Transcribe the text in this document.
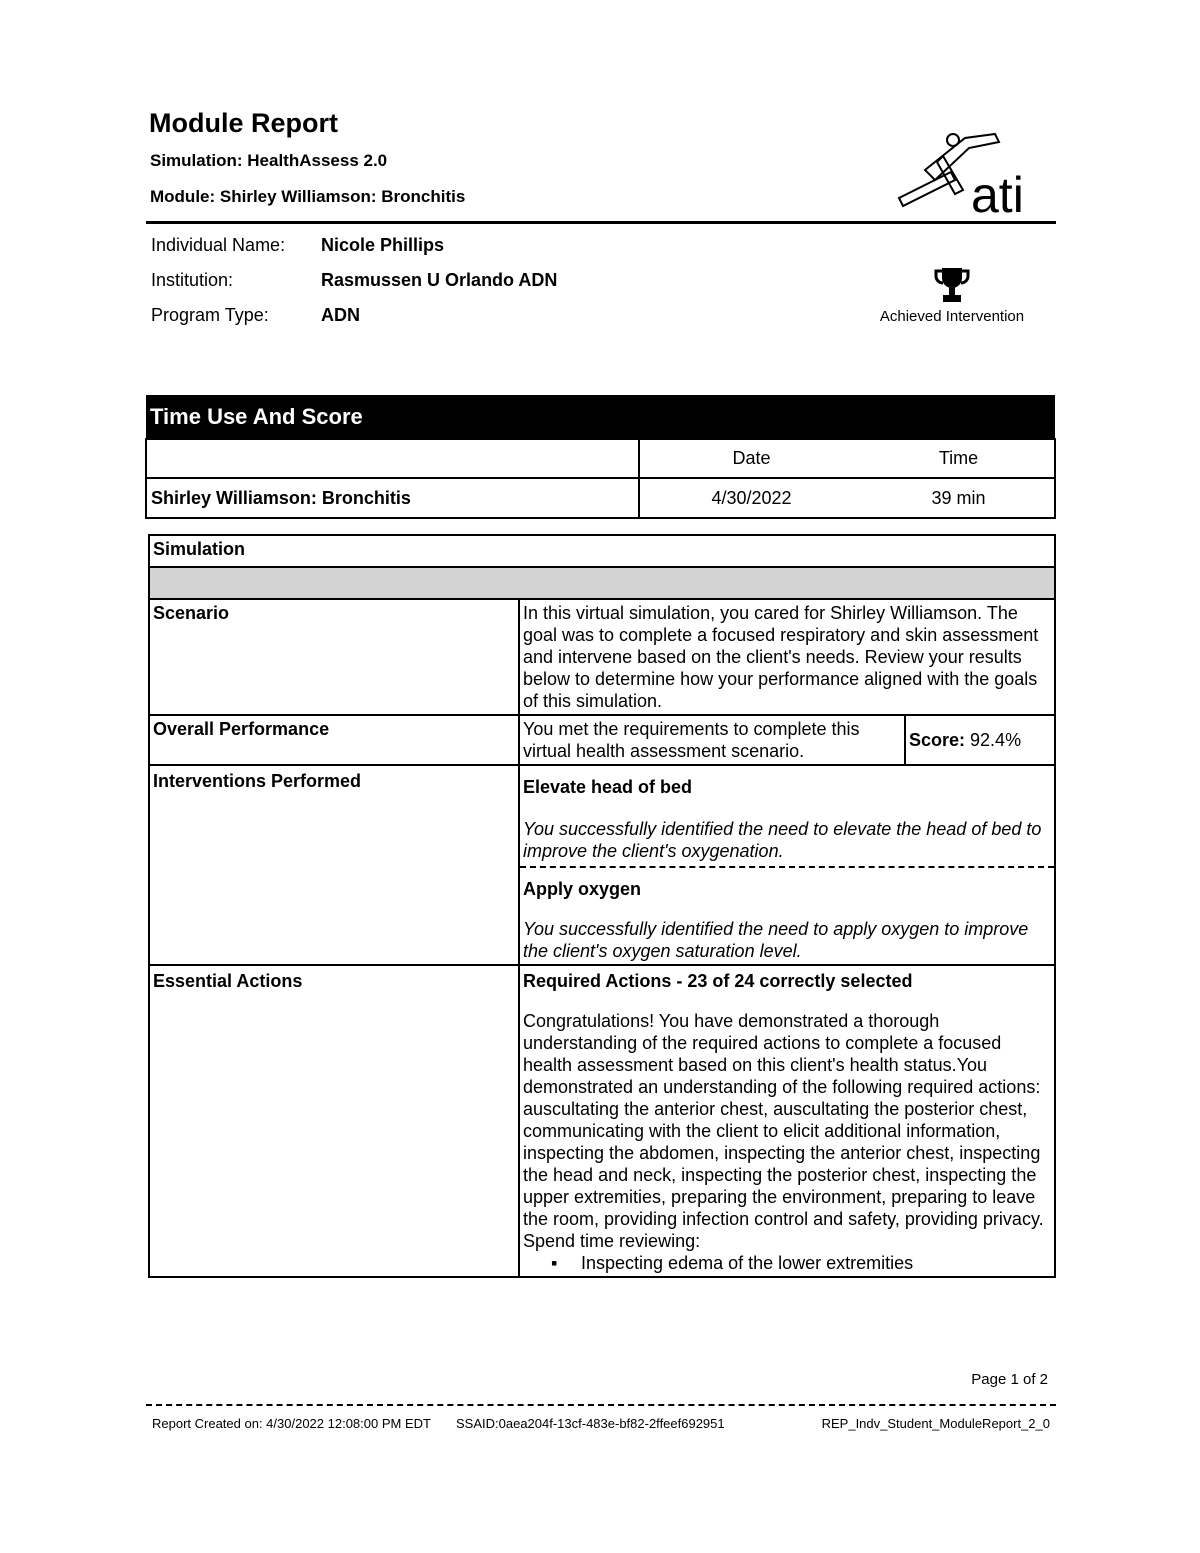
Module Report
Simulation: HealthAssess 2.0
Module: Shirley Williamson: Bronchitis	ati
Individual Name: Nicole Phillips
Institution:	Rasmussen U Orlando ADN
Program Type:	ADN	Achieved Intervention
Time Use And Score		
	Date	Time
Shirley Williamson: Bronchitis	4/30/2022	39 min
Simulation		

Scenario	In this virtual simulation, you cared for Shirley Williamson. The goal was to complete a focused respiratory and skin assessment and intervene based on the client's needs. Review your results below to determine how your performance aligned with the goals of this simulation.	
Overall Performance	You met the requirements to complete this virtual health assessment scenario.	Score: 92.4%
Interventions Performed	Elevate head of bed
You successfully identified the need to elevate the head of bed to improve the client's oxygenation.
Apply oxygen
You successfully identified the need to apply oxygen to improve the client's oxygen saturation level.	

Essential Actions	Required Actions - 23 of 24 correctly selected
Congratulations! You have demonstrated a thorough understanding of the required actions to complete a focused health assessment based on this client's health status.You demonstrated an understanding of the following required actions: auscultating the anterior chest, auscultating the posterior chest, communicating with the client to elicit additional information, inspecting the abdomen, inspecting the anterior chest, inspecting the head and neck, inspecting the posterior chest, inspecting the upper extremities, preparing the environment, preparing to leave the room, providing infection control and safety, providing privacy.
Spend time reviewing:
▪ Inspecting edema of the lower extremities	
Page 1 of 2
Report Created on: 4/30/2022 12:08:00 PM EDT SSAID:0aea204f-13cf-483e-bf82-2ffeef692951	REP_Indv_Student_ModuleReport_2_0
